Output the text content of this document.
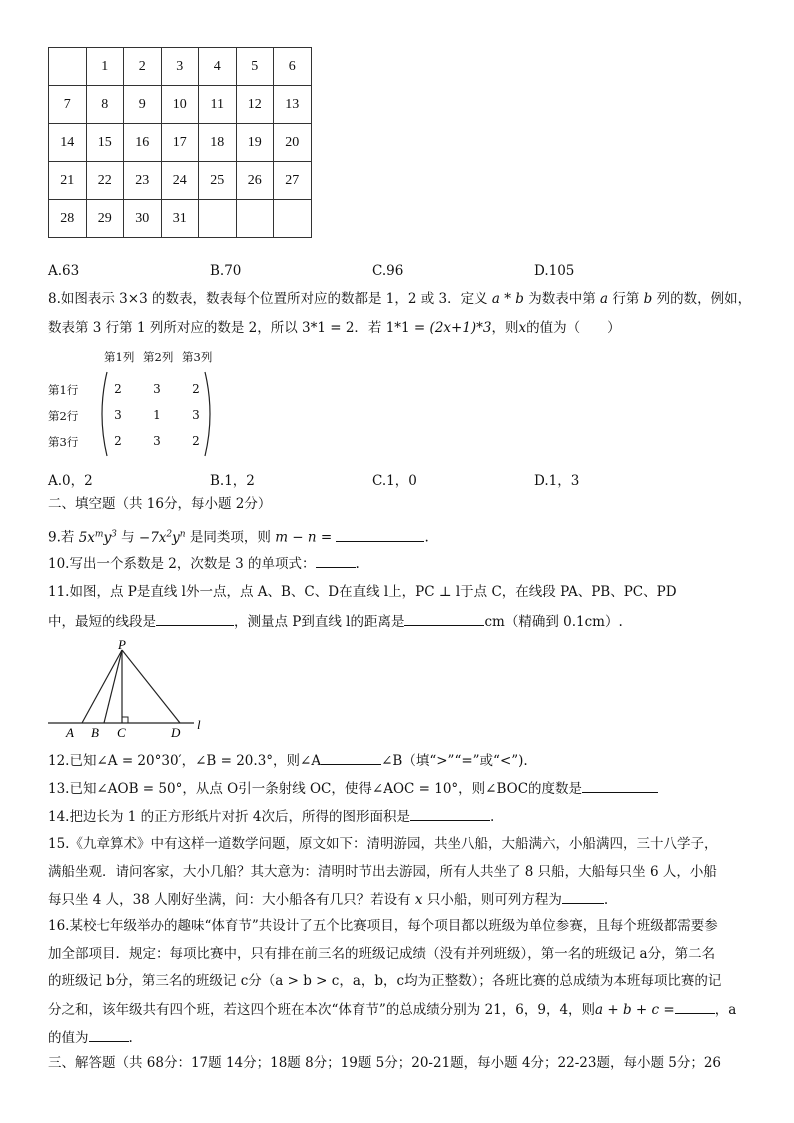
	1	2	3	4	5	6
7	8	9	10	11	12	13
14	15	16	17	18	19	20
21	22	23	24	25	26	27
28	29	30	31			
A.63	B.70	C.96	D.105
8.如图表示 3×3 的数表，数表每个位置所对应的数都是 1，2 或 3．定义 a * b 为数表中第 a 行第 b 列的数，例如，
数表第 3 行第 1 列所对应的数是 2，所以 3*1 = 2．若 1*1 = (2x+1)*3，则x的值为（　　）
第1列 第2列 第3列
第1行
第2行
第3行
2	3	2
3	1	3
2	3	2
A.0，2	B.1，2	C.1，0	D.1，3
二、填空题（共 16分，每小题 2分）
9.若 $5x^my^3$ 与 $-7x^2y^n$ 是同类项，则 m − n =	.
10.写出一个系数是 2，次数是 3 的单项式：	.
11.如图，点 P是直线 l外一点，点 A、B、C、D在直线 l上，PC ⊥ l于点 C，在线段 PA、PB、PC、PD
中，最短的线段是	，测量点 P到直线 l的距离是	cm（精确到 0.1cm）.
P
A B C	D
l
12.已知∠A = 20°30′，∠B = 20.3°，则∠A	∠B（填“>”“=”或“<”).
13.已知∠AOB = 50°，从点 O引一条射线 OC，使得∠AOC = 10°，则∠BOC的度数是
14.把边长为 1 的正方形纸片对折 4次后，所得的图形面积是	.
15.《九章算术》中有这样一道数学问题，原文如下：清明游园，共坐八船，大船满六，小船满四，三十八学子，
满船坐观．请问客家，大小几船？其大意为：清明时节出去游园，所有人共坐了 8 只船，大船每只坐 6 人，小船
每只坐 4 人，38 人刚好坐满，问：大小船各有几只？若设有 x 只小船，则可列方程为	.
16.某校七年级举办的趣味“体育节”共设计了五个比赛项目，每个项目都以班级为单位参赛，且每个班级都需要参
加全部项目．规定：每项比赛中，只有排在前三名的班级记成绩（没有并列班级），第一名的班级记 a分，第二名
的班级记 b分，第三名的班级记 c分（a > b > c，a，b，c均为正整数）；各班比赛的总成绩为本班每项比赛的记
分之和，该年级共有四个班，若这四个班在本次“体育节”的总成绩分别为 21，6，9，4，则a + b + c =	，a
的值为	.
三、解答题（共 68分：17题 14分；18题 8分；19题 5分；20-21题，每小题 4分；22-23题，每小题 5分；26
